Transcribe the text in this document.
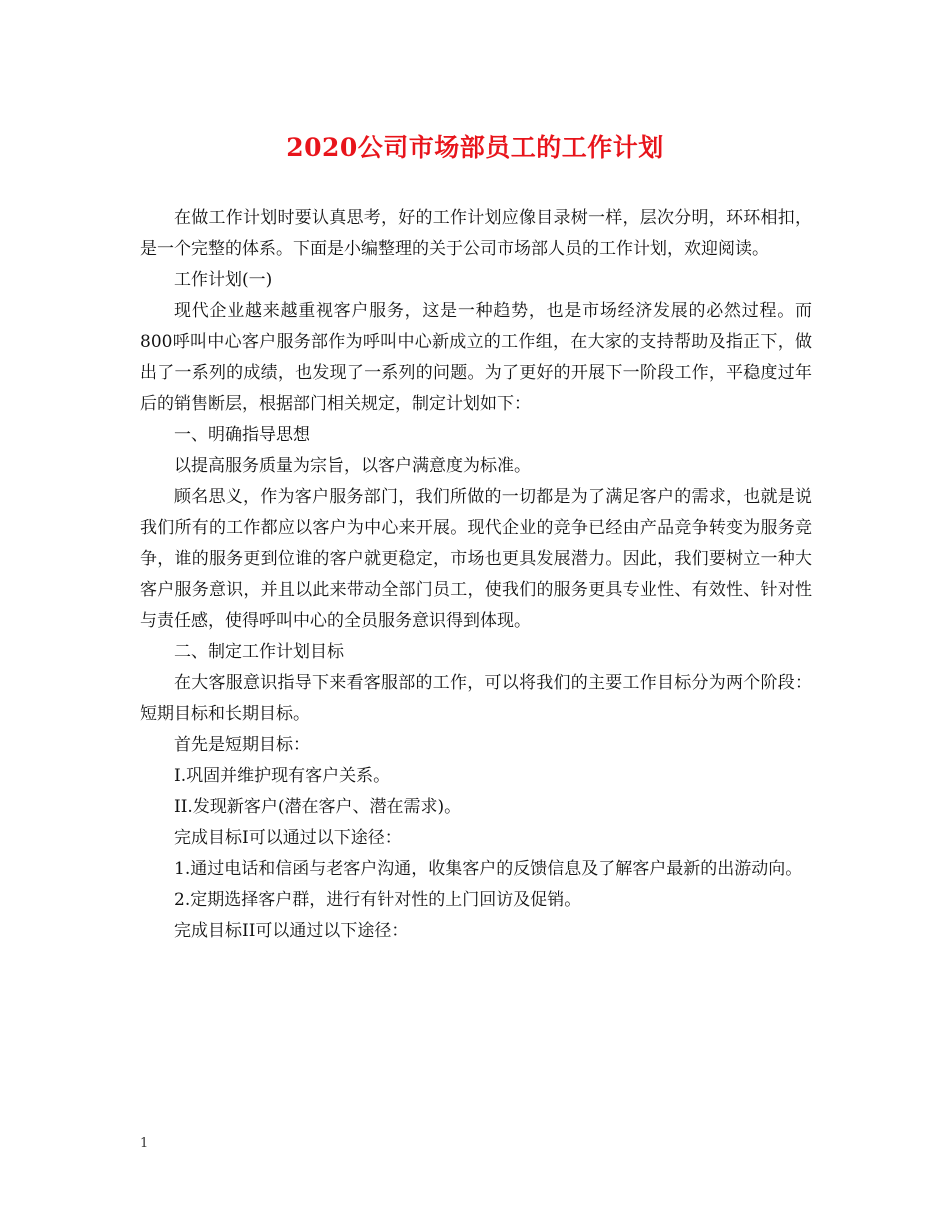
2020公司市场部员工的工作计划

在做工作计划时要认真思考，好的工作计划应像目录树一样，层次分明，环环相扣，是一个完整的体系。下面是小编整理的关于公司市场部人员的工作计划，欢迎阅读。

工作计划(一)

现代企业越来越重视客户服务，这是一种趋势，也是市场经济发展的必然过程。而800呼叫中心客户服务部作为呼叫中心新成立的工作组，在大家的支持帮助及指正下，做出了一系列的成绩，也发现了一系列的问题。为了更好的开展下一阶段工作，平稳度过年后的销售断层，根据部门相关规定，制定计划如下：

一、明确指导思想

以提高服务质量为宗旨，以客户满意度为标准。

顾名思义，作为客户服务部门，我们所做的一切都是为了满足客户的需求，也就是说我们所有的工作都应以客户为中心来开展。现代企业的竞争已经由产品竞争转变为服务竞争，谁的服务更到位谁的客户就更稳定，市场也更具发展潜力。因此，我们要树立一种大客户服务意识，并且以此来带动全部门员工，使我们的服务更具专业性、有效性、针对性与责任感，使得呼叫中心的全员服务意识得到体现。

二、制定工作计划目标

在大客服意识指导下来看客服部的工作，可以将我们的主要工作目标分为两个阶段：短期目标和长期目标。

首先是短期目标：

I.巩固并维护现有客户关系。

II.发现新客户(潜在客户、潜在需求)。

完成目标I可以通过以下途径：

1.通过电话和信函与老客户沟通，收集客户的反馈信息及了解客户最新的出游动向。

2.定期选择客户群，进行有针对性的上门回访及促销。

完成目标II可以通过以下途径：

1
